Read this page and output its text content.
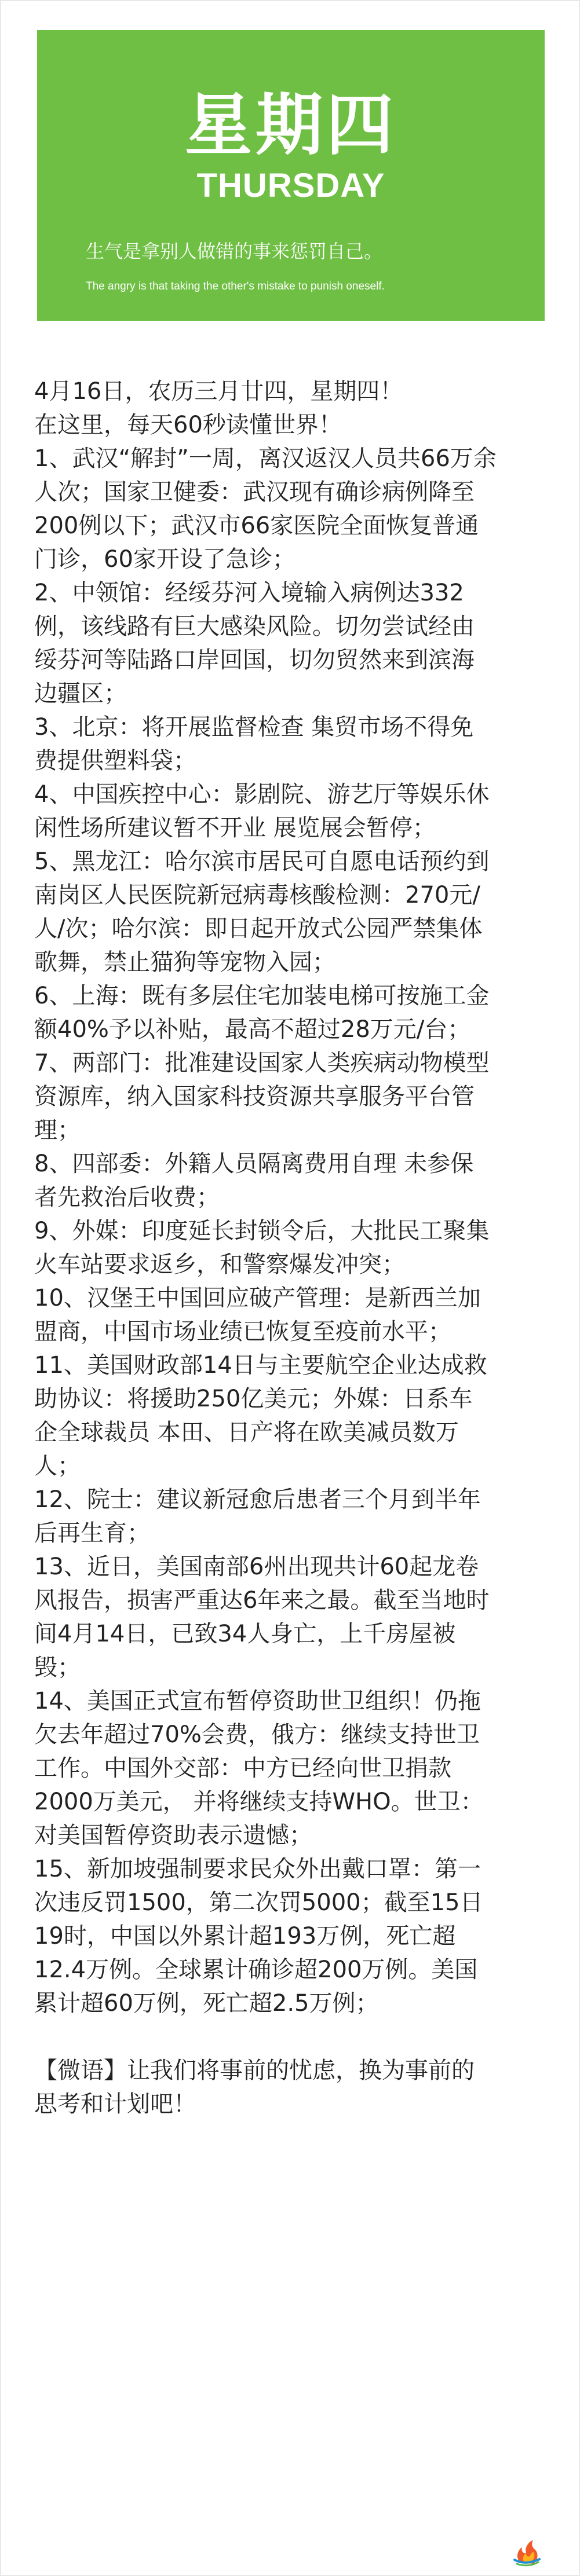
星期四
THURSDAY
生气是拿别人做错的事来惩罚自己。
The angry is that taking the other's mistake to punish oneself.
4月16日，农历三月廿四，星期四！
在这里，每天60秒读懂世界！
1、武汉“解封”一周，离汉返汉人员共66万余
人次；国家卫健委：武汉现有确诊病例降至
200例以下；武汉市66家医院全面恢复普通
门诊，60家开设了急诊；
2、中领馆：经绥芬河入境输入病例达332
例，该线路有巨大感染风险。切勿尝试经由
绥芬河等陆路口岸回国，切勿贸然来到滨海
边疆区；
3、北京：将开展监督检查 集贸市场不得免
费提供塑料袋；
4、中国疾控中心：影剧院、游艺厅等娱乐休
闲性场所建议暂不开业 展览展会暂停；
5、黑龙江：哈尔滨市居民可自愿电话预约到
南岗区人民医院新冠病毒核酸检测：270元/
人/次；哈尔滨：即日起开放式公园严禁集体
歌舞，禁止猫狗等宠物入园；
6、上海：既有多层住宅加装电梯可按施工金
额40%予以补贴，最高不超过28万元/台；
7、两部门：批准建设国家人类疾病动物模型
资源库，纳入国家科技资源共享服务平台管
理；
8、四部委：外籍人员隔离费用自理 未参保
者先救治后收费；
9、外媒：印度延长封锁令后，大批民工聚集
火车站要求返乡，和警察爆发冲突；
10、汉堡王中国回应破产管理：是新西兰加
盟商，中国市场业绩已恢复至疫前水平；
11、美国财政部14日与主要航空企业达成救
助协议：将援助250亿美元；外媒：日系车
企全球裁员 本田、日产将在欧美减员数万
人；
12、院士：建议新冠愈后患者三个月到半年
后再生育；
13、近日，美国南部6州出现共计60起龙卷
风报告，损害严重达6年来之最。截至当地时
间4月14日，已致34人身亡，上千房屋被
毁；
14、美国正式宣布暂停资助世卫组织！仍拖
欠去年超过70%会费，俄方：继续支持世卫
工作。中国外交部：中方已经向世卫捐款
2000万美元， 并将继续支持WHO。世卫：
对美国暂停资助表示遗憾；
15、新加坡强制要求民众外出戴口罩：第一
次违反罚1500，第二次罚5000；截至15日
19时，中国以外累计超193万例，死亡超
12.4万例。全球累计确诊超200万例。美国
累计超60万例，死亡超2.5万例；
【微语】让我们将事前的忧虑，换为事前的
思考和计划吧！
